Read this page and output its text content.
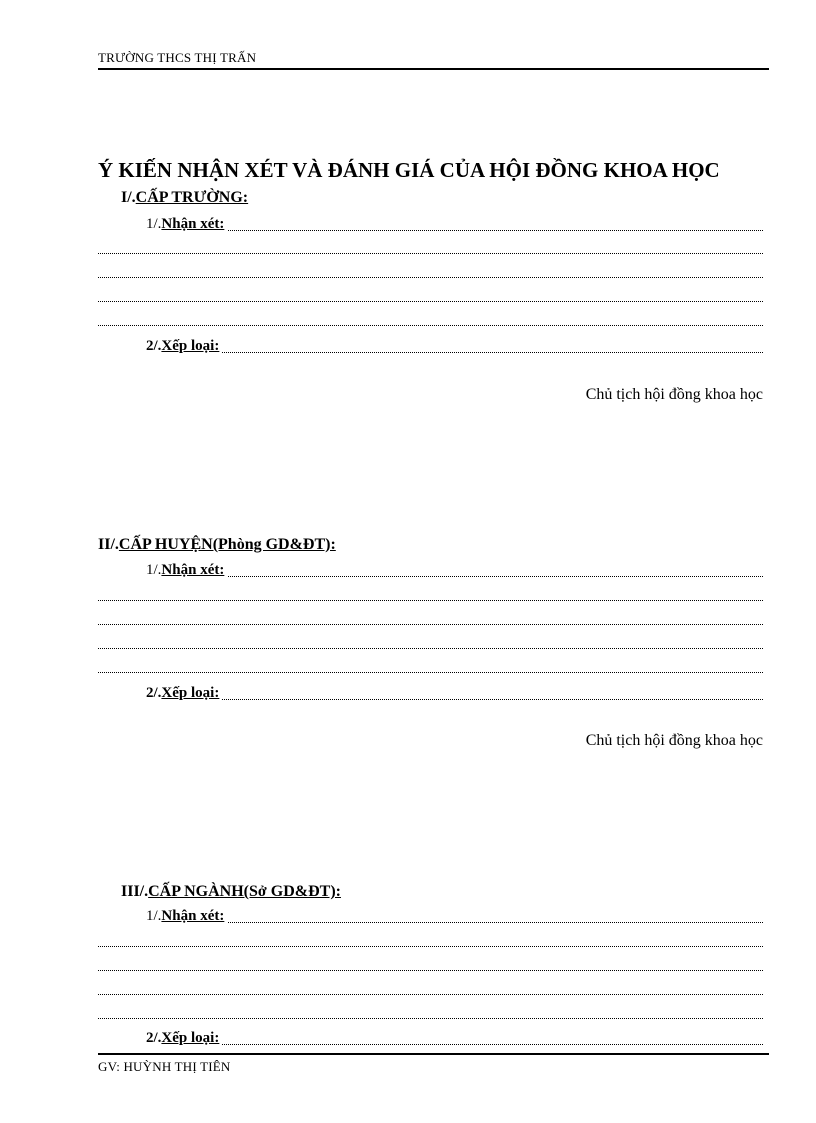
TRƯỜNG THCS THỊ TRẤN
Ý KIẾN NHẬN XÉT VÀ ĐÁNH GIÁ CỦA HỘI ĐỒNG KHOA HỌC
I/.CẤP TRƯỜNG:
1/.Nhận xét:
2/.Xếp loại:
Chủ tịch hội đồng khoa học
II/.CẤP HUYỆN(Phòng GD&ĐT):
1/.Nhận xét:
2/.Xếp loại:
Chủ tịch hội đồng khoa học
III/.CẤP NGÀNH(Sở GD&ĐT):
1/.Nhận xét:
2/.Xếp loại:
GV: HUỲNH THỊ TIÊN
